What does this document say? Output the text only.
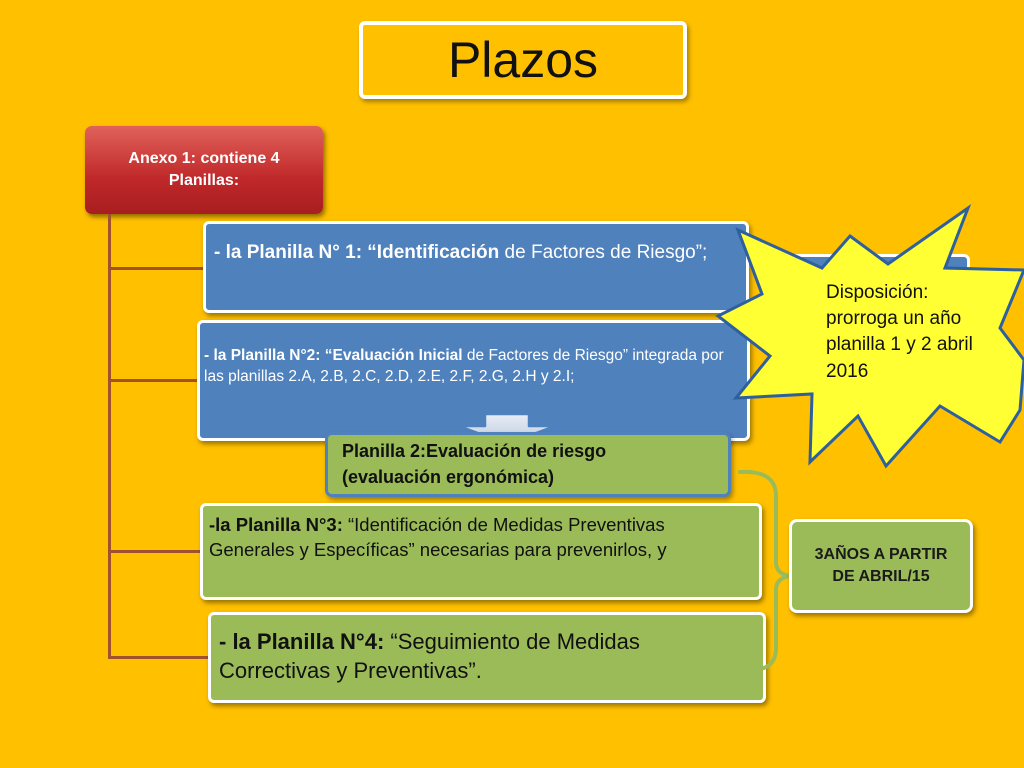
Plazos
Anexo 1: contiene 4
Planillas:
- la Planilla N° 1: “Identificación de Factores de Riesgo”;
- la Planilla N°2: “Evaluación Inicial de Factores de Riesgo” integrada por las planillas 2.A, 2.B, 2.C, 2.D, 2.E, 2.F, 2.G, 2.H y 2.I;
Planilla 2:Evaluación de riesgo
(evaluación ergonómica)
-la Planilla N°3: “Identificación de Medidas Preventivas Generales y Específicas” necesarias para prevenirlos, y
- la Planilla N°4: “Seguimiento de Medidas Correctivas y Preventivas”.
3AÑOS A PARTIR
DE ABRIL/15
Disposición:
prorroga un año
planilla 1 y 2 abril
2016
